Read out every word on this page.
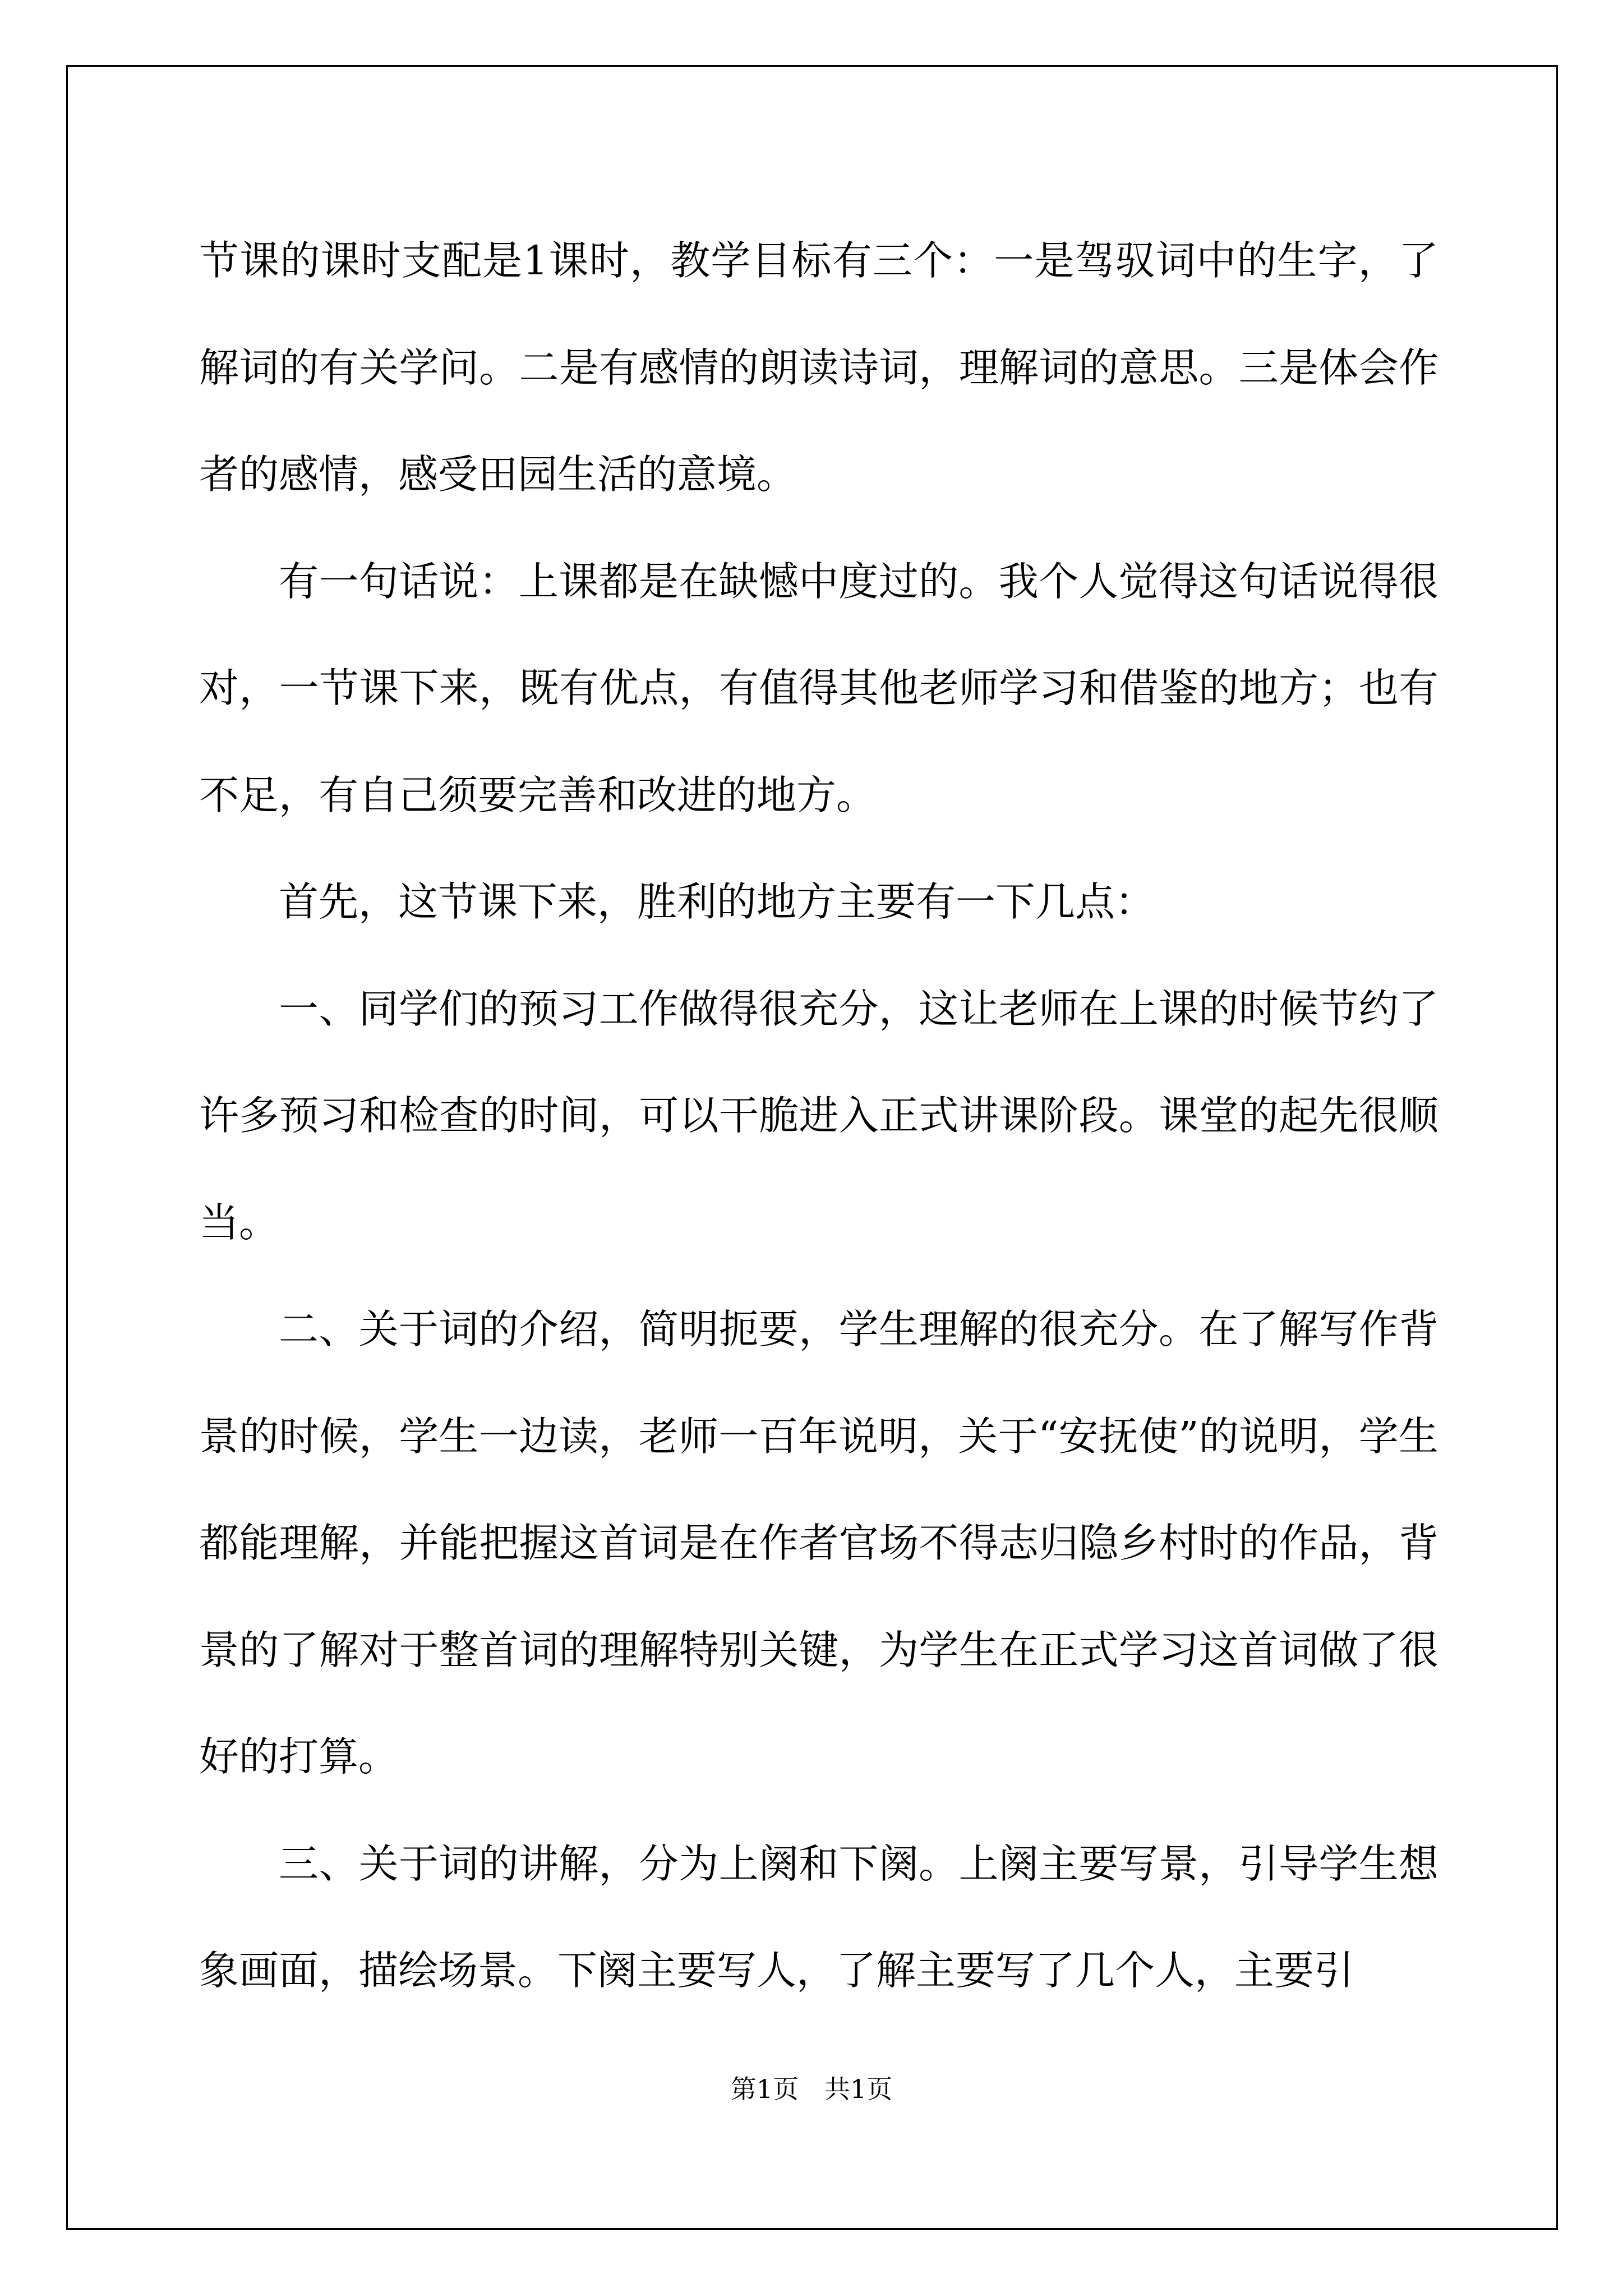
节课的课时支配是1课时，教学目标有三个：一是驾驭词中的生字，了解词的有关学问。二是有感情的朗读诗词，理解词的意思。三是体会作者的感情，感受田园生活的意境。

有一句话说：上课都是在缺憾中度过的。我个人觉得这句话说得很对，一节课下来，既有优点，有值得其他老师学习和借鉴的地方；也有不足，有自己须要完善和改进的地方。

首先，这节课下来，胜利的地方主要有一下几点：

一、同学们的预习工作做得很充分，这让老师在上课的时候节约了许多预习和检查的时间，可以干脆进入正式讲课阶段。课堂的起先很顺当。

二、关于词的介绍，简明扼要，学生理解的很充分。在了解写作背景的时候，学生一边读，老师一百年说明，关于“安抚使”的说明，学生都能理解，并能把握这首词是在作者官场不得志归隐乡村时的作品，背景的了解对于整首词的理解特别关键，为学生在正式学习这首词做了很好的打算。

三、关于词的讲解，分为上阕和下阕。上阕主要写景，引导学生想象画面，描绘场景。下阕主要写人，了解主要写了几个人，主要引

第1页　共1页
